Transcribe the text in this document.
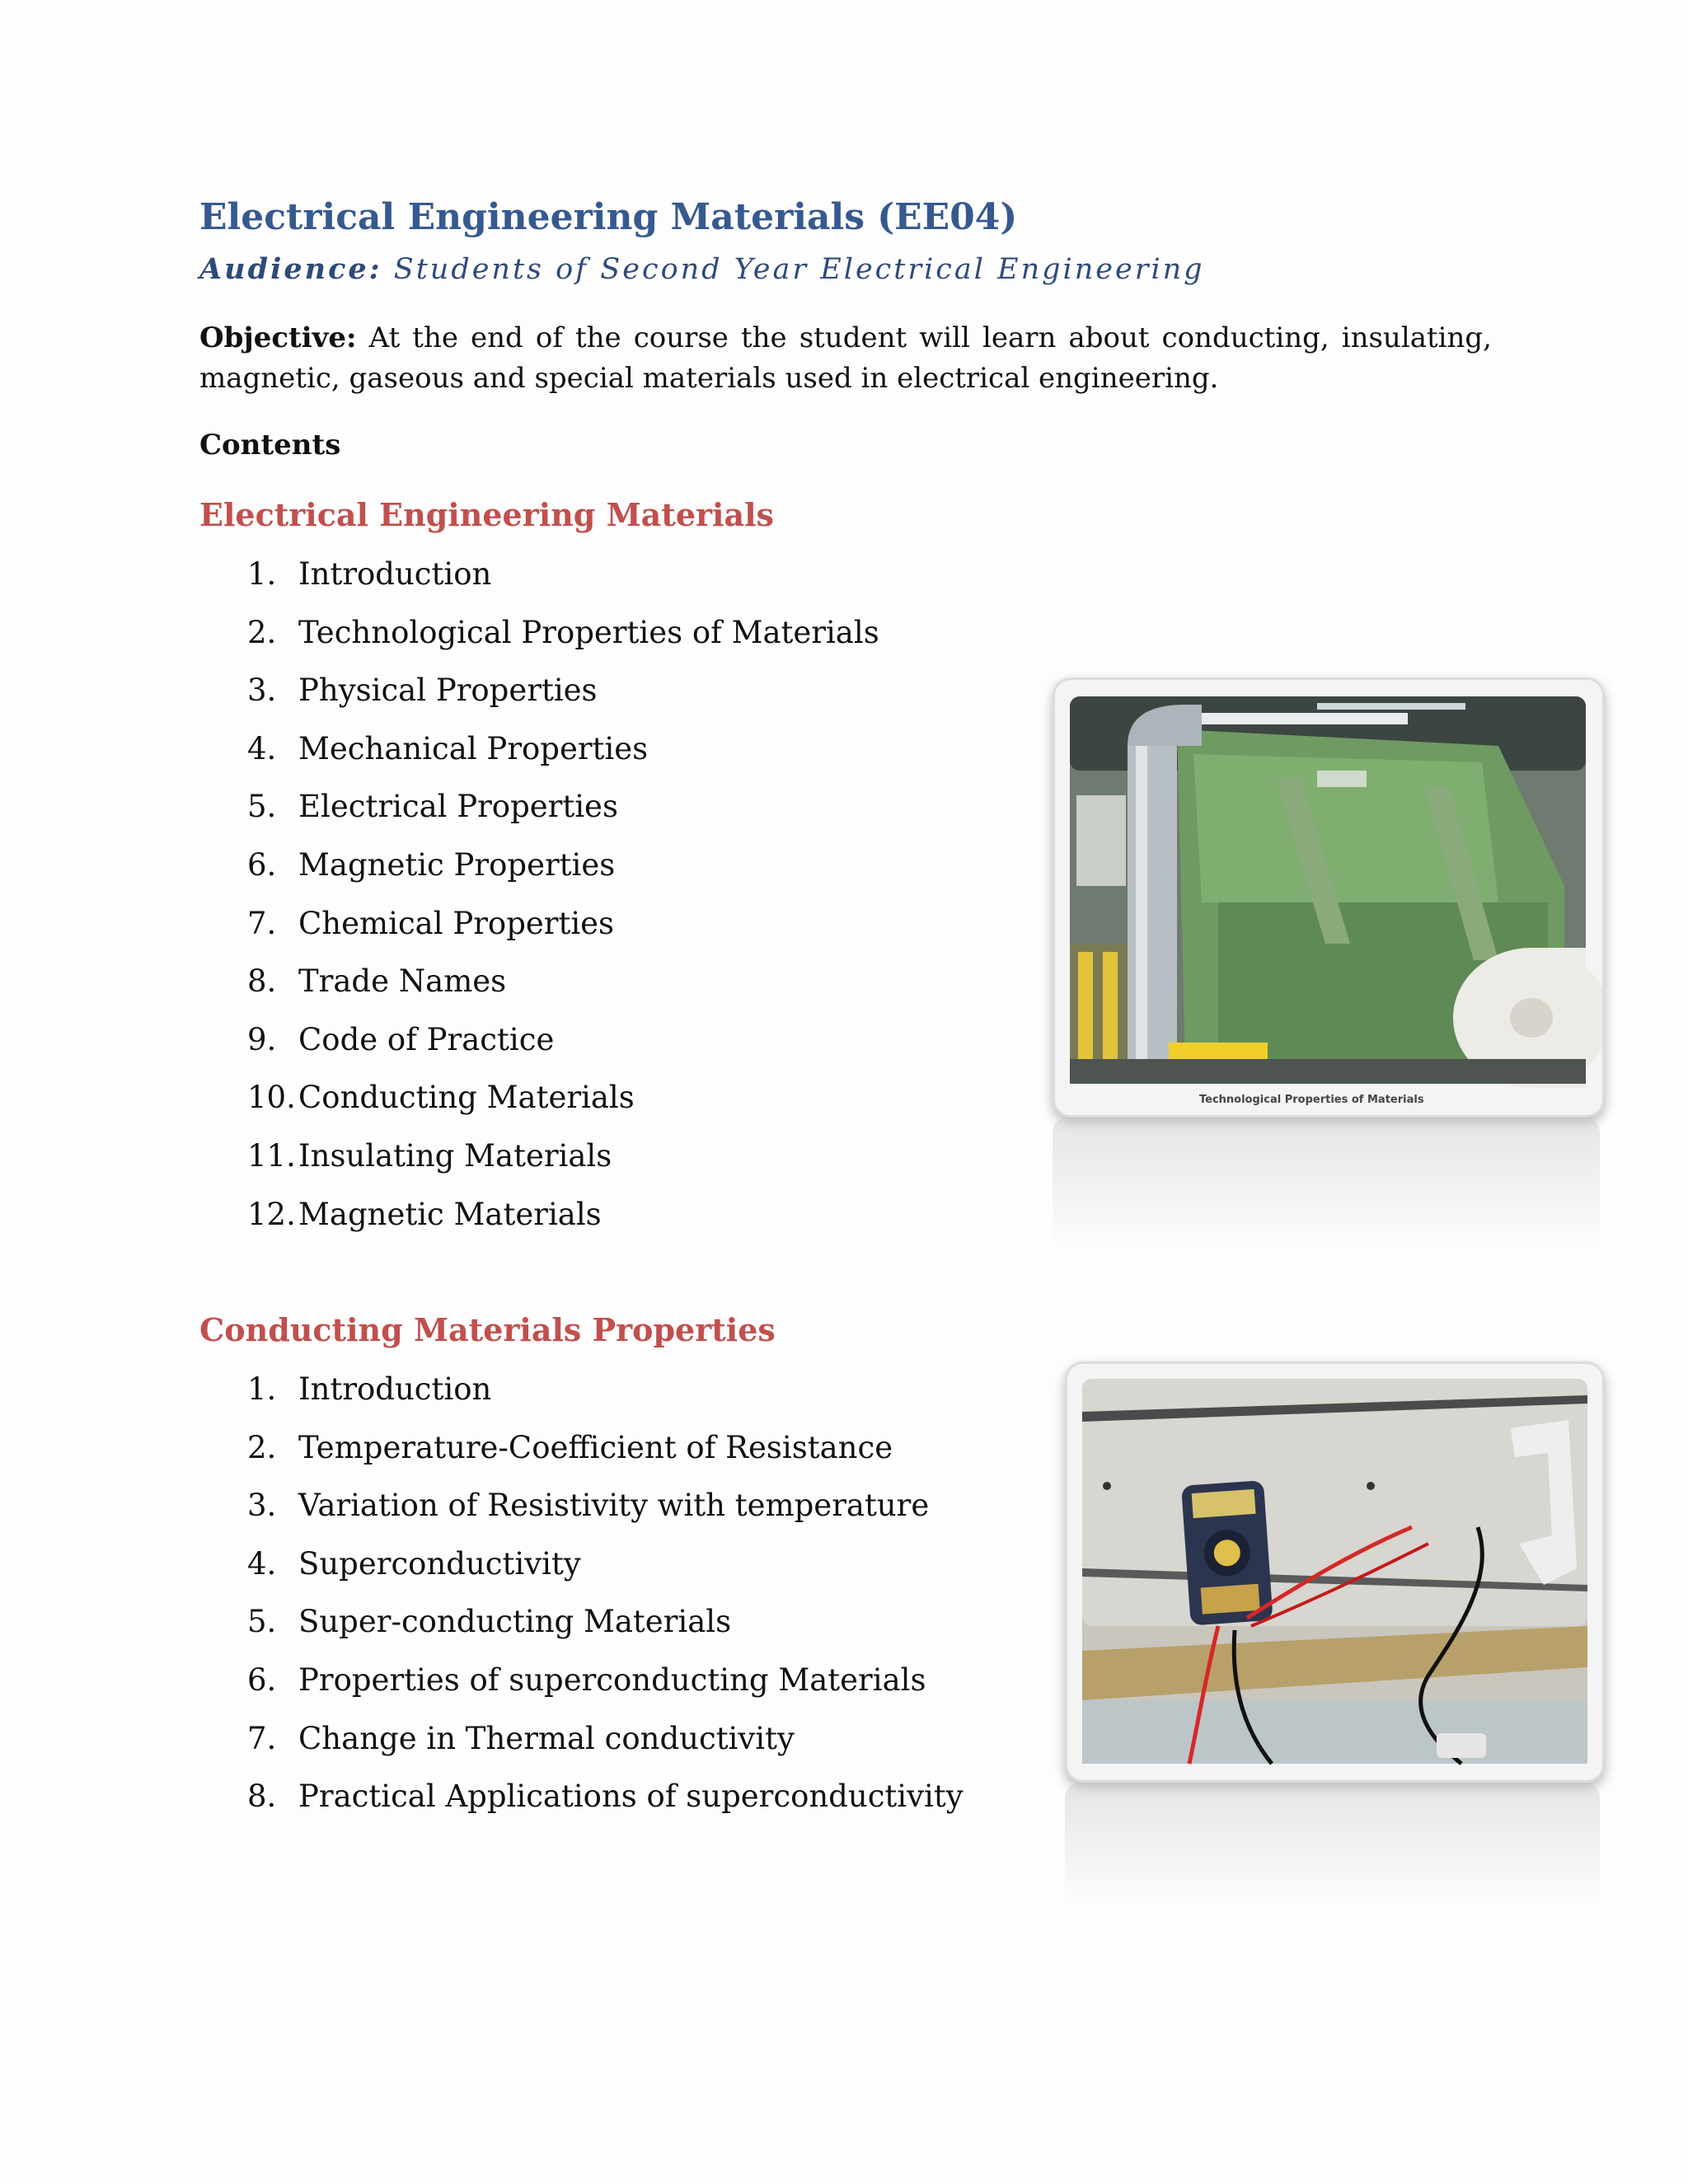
Electrical Engineering Materials (EE04)
Audience: Students of Second Year Electrical Engineering
Objective: At the end of the course the student will learn about conducting, insulating, magnetic, gaseous and special materials used in electrical engineering.
Contents
Electrical Engineering Materials
1. Introduction
2. Technological Properties of Materials
3. Physical Properties
4. Mechanical Properties
5. Electrical Properties
6. Magnetic Properties
7. Chemical Properties
8. Trade Names
9. Code of Practice
10.Conducting Materials
11.Insulating Materials
12.Magnetic Materials
Conducting Materials Properties
1. Introduction
2. Temperature-Coefficient of Resistance
3. Variation of Resistivity with temperature
4. Superconductivity
5. Super-conducting Materials
6. Properties of superconducting Materials
7. Change in Thermal conductivity
8. Practical Applications of superconductivity
Technological Properties of Materials
